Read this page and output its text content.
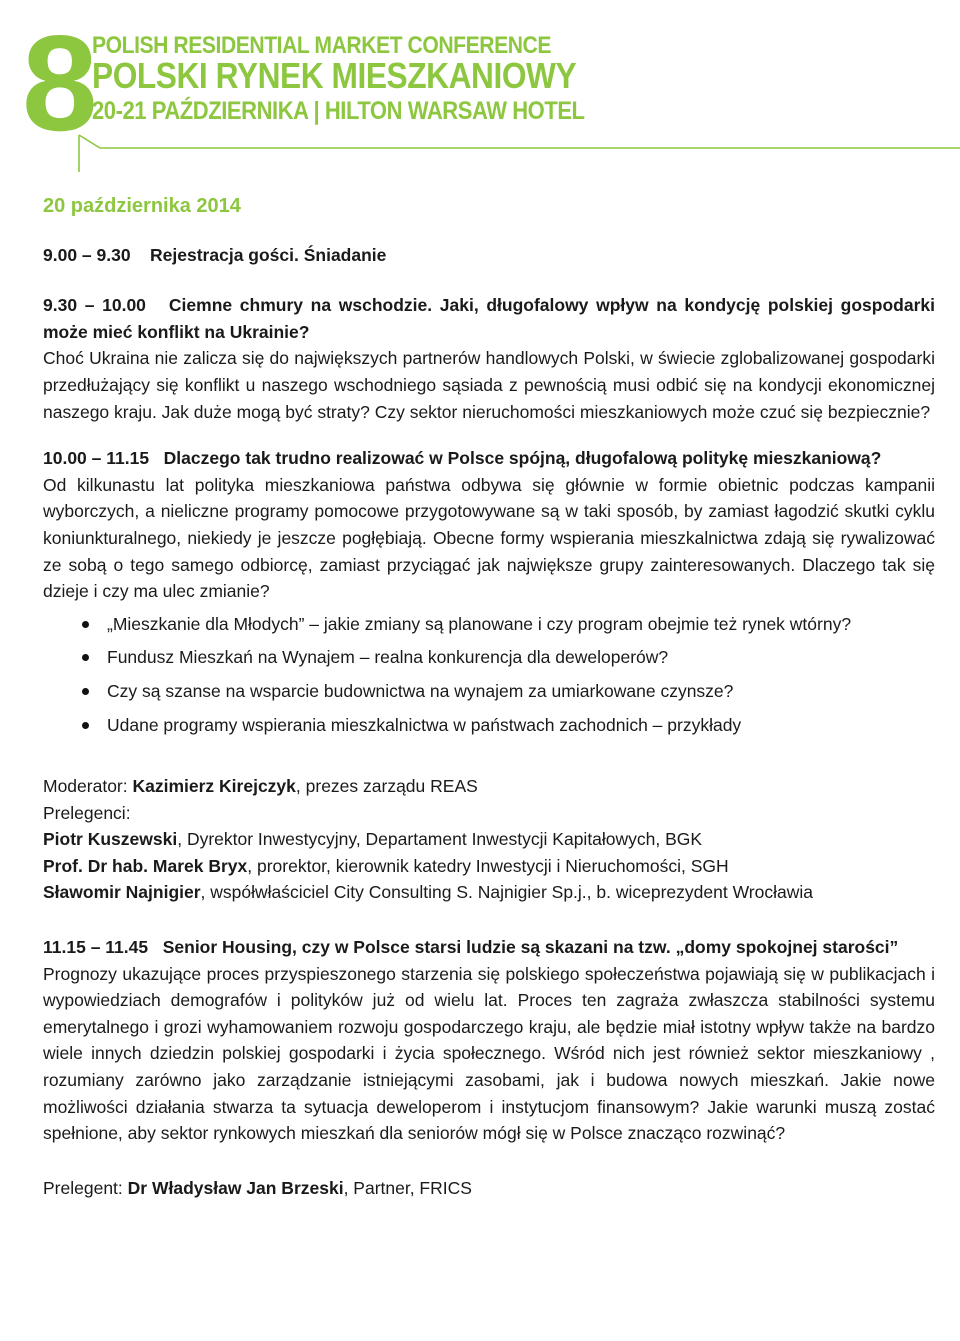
8
POLISH RESIDENTIAL MARKET CONFERENCE
POLSKI RYNEK MIESZKANIOWY
20-21 PAŹDZIERNIKA | HILTON WARSAW HOTEL

20 października 2014

9.00 – 9.30 Rejestracja gości. Śniadanie

9.30 – 10.00 Ciemne chmury na wschodzie. Jaki, długofalowy wpływ na kondycję polskiej gospodarki może mieć konflikt na Ukrainie?

Choć Ukraina nie zalicza się do największych partnerów handlowych Polski, w świecie zglobalizowanej gospodarki przedłużający się konflikt u naszego wschodniego sąsiada z pewnością musi odbić się na kondycji ekonomicznej naszego kraju. Jak duże mogą być straty? Czy sektor nieruchomości mieszkaniowych może czuć się bezpiecznie?

10.00 – 11.15 Dlaczego tak trudno realizować w Polsce spójną, długofalową politykę mieszkaniową?

Od kilkunastu lat polityka mieszkaniowa państwa odbywa się głównie w formie obietnic podczas kampanii wyborczych, a nieliczne programy pomocowe przygotowywane są w taki sposób, by zamiast łagodzić skutki cyklu koniunkturalnego, niekiedy je jeszcze pogłębiają. Obecne formy wspierania mieszkalnictwa zdają się rywalizować ze sobą o tego samego odbiorcę, zamiast przyciągać jak największe grupy zainteresowanych. Dlaczego tak się dzieje i czy ma ulec zmianie?

„Mieszkanie dla Młodych” – jakie zmiany są planowane i czy program obejmie też rynek wtórny?
Fundusz Mieszkań na Wynajem – realna konkurencja dla deweloperów?
Czy są szanse na wsparcie budownictwa na wynajem za umiarkowane czynsze?
Udane programy wspierania mieszkalnictwa w państwach zachodnich – przykłady

Moderator: Kazimierz Kirejczyk, prezes zarządu REAS

Prelegenci:

Piotr Kuszewski, Dyrektor Inwestycyjny, Departament Inwestycji Kapitałowych, BGK

Prof. Dr hab. Marek Bryx, prorektor, kierownik katedry Inwestycji i Nieruchomości, SGH

Sławomir Najnigier, współwłaściciel City Consulting S. Najnigier Sp.j., b. wiceprezydent Wrocławia

11.15 – 11.45 Senior Housing, czy w Polsce starsi ludzie są skazani na tzw. „domy spokojnej starości”

Prognozy ukazujące proces przyspieszonego starzenia się polskiego społeczeństwa pojawiają się w publikacjach i wypowiedziach demografów i polityków już od wielu lat. Proces ten zagraża zwłaszcza stabilności systemu emerytalnego i grozi wyhamowaniem rozwoju gospodarczego kraju, ale będzie miał istotny wpływ także na bardzo wiele innych dziedzin polskiej gospodarki i życia społecznego. Wśród nich jest również sektor mieszkaniowy , rozumiany zarówno jako zarządzanie istniejącymi zasobami, jak i budowa nowych mieszkań. Jakie nowe możliwości działania stwarza ta sytuacja deweloperom i instytucjom finansowym? Jakie warunki muszą zostać spełnione, aby sektor rynkowych mieszkań dla seniorów mógł się w Polsce znacząco rozwinąć?

Prelegent: Dr Władysław Jan Brzeski, Partner, FRICS
